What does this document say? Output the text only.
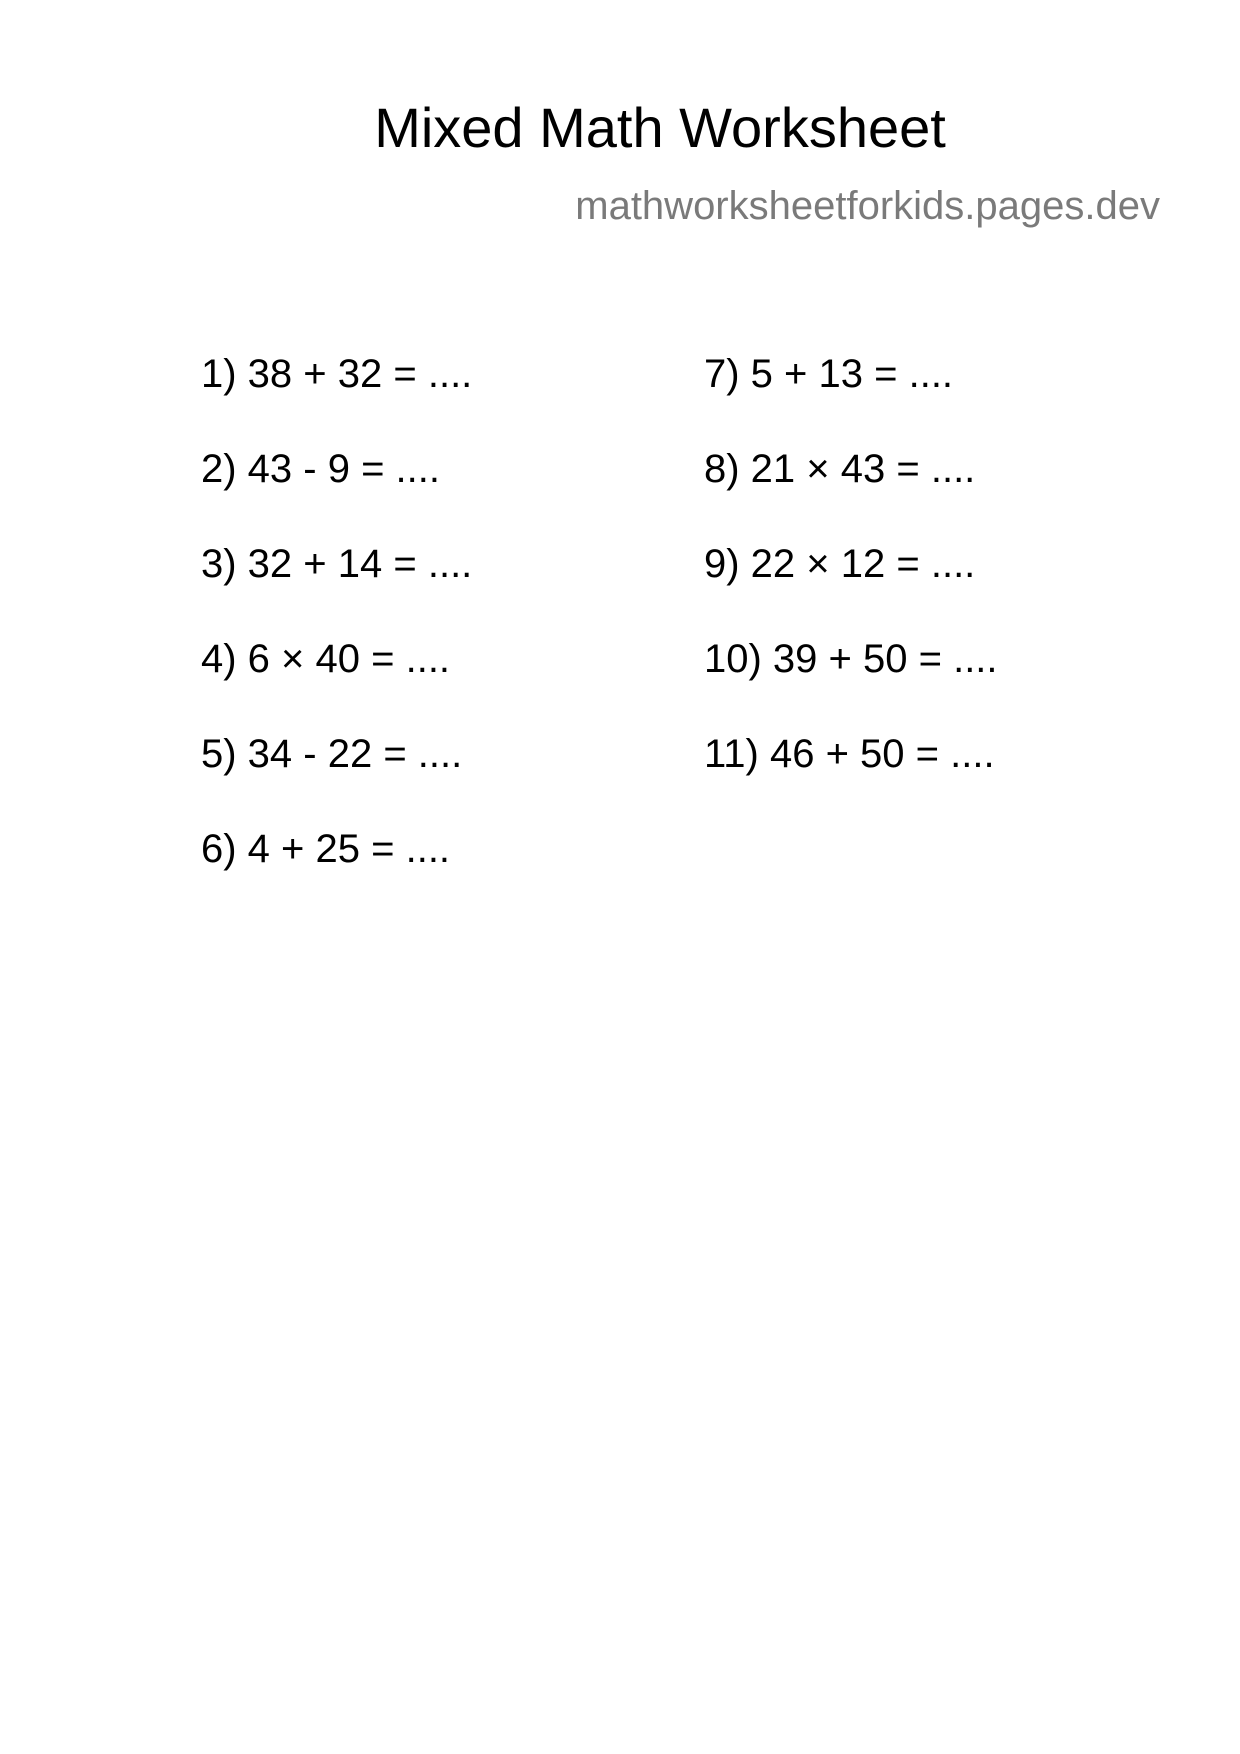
Mixed Math Worksheet
mathworksheetforkids.pages.dev
1) 38 + 32 = ....
2) 43 - 9 = ....
3) 32 + 14 = ....
4) 6 × 40 = ....
5) 34 - 22 = ....
6) 4 + 25 = ....
7) 5 + 13 = ....
8) 21 × 43 = ....
9) 22 × 12 = ....
10) 39 + 50 = ....
11) 46 + 50 = ....
